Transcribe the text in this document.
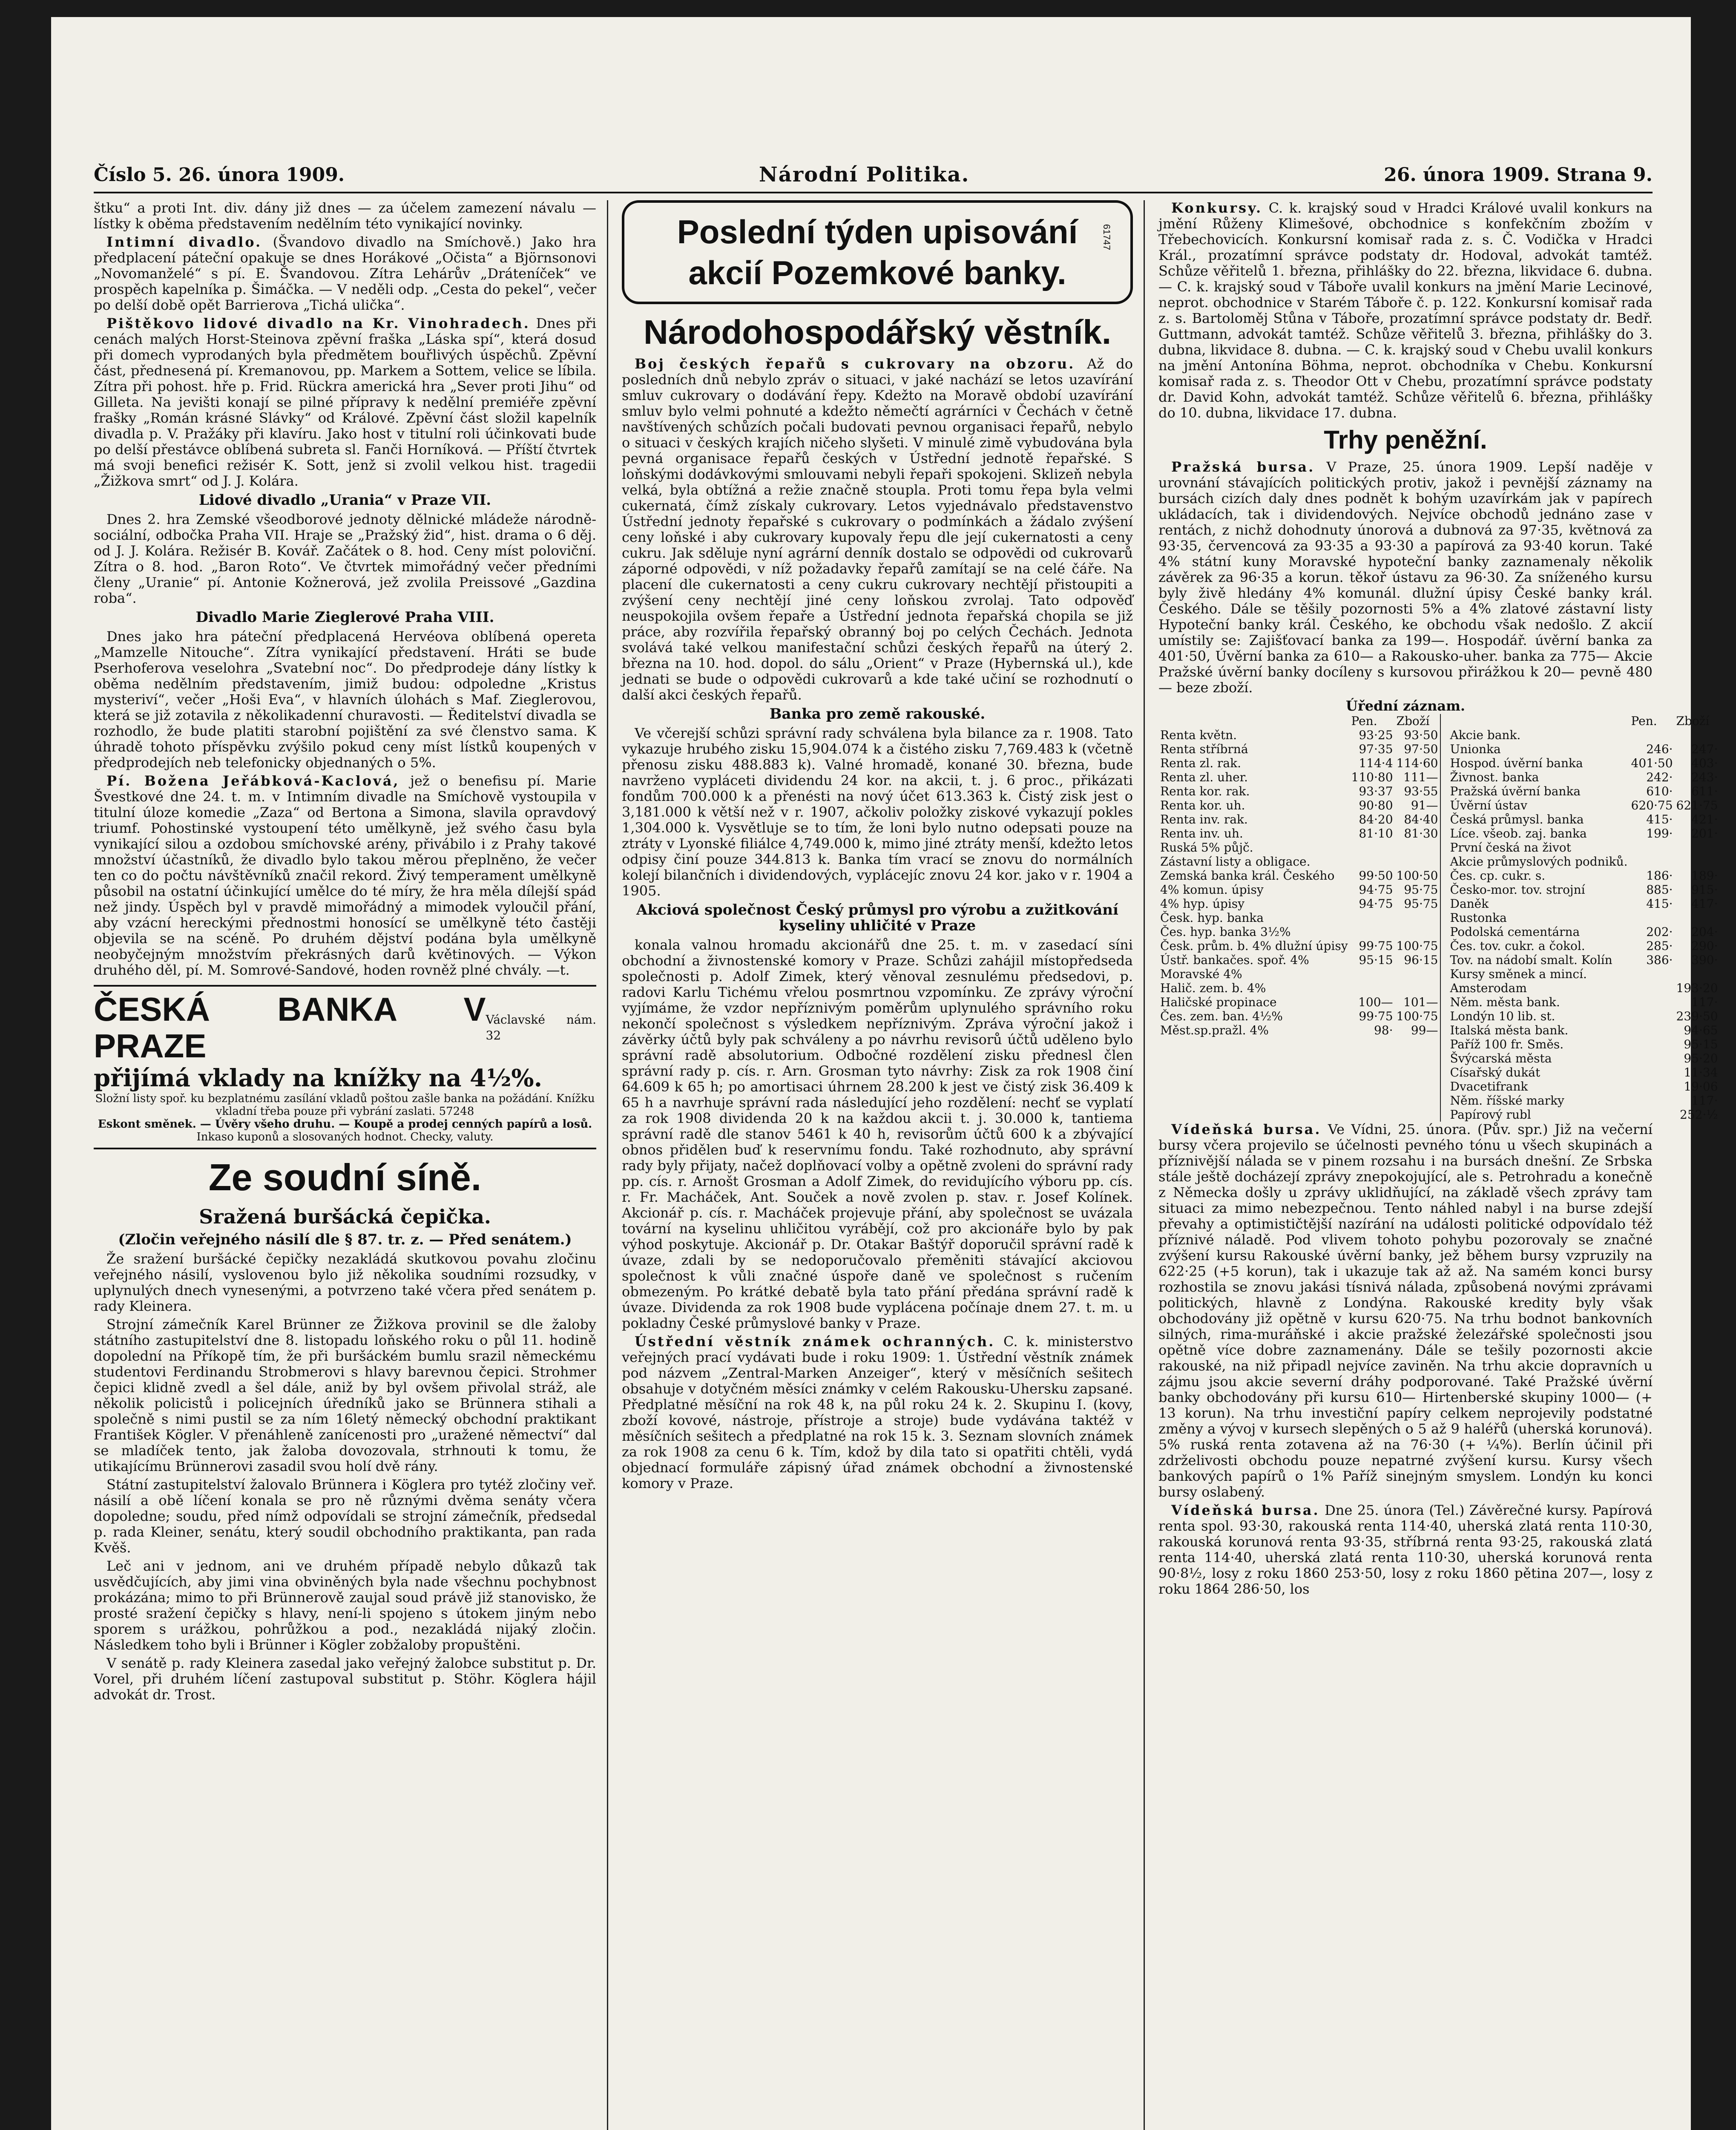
Číslo 5. 26. února 1909.	Národní Politika.	26. února 1909. Strana 9.

štku“ a proti Int. div. dány již dnes — za účelem zamezení návalu — lístky k oběma představením nedělním této vynikající novinky.

Intimní divadlo. (Švandovo divadlo na Smíchově.) Jako hra předplacení páteční opakuje se dnes Horákové „Očista“ a Björnsonovi „Novomanželé“ s pí. E. Švandovou. Zítra Lehárův „Dráteníček“ ve prospěch kapelníka p. Šimáčka. — V neděli odp. „Cesta do pekel“, večer po delší době opět Barrierova „Tichá ulička“.

Pištěkovo lidové divadlo na Kr. Vinohradech. Dnes při cenách malých Horst-Steinova zpěvní fraška „Láska spí“, která dosud při domech vyprodaných byla předmětem bouřlivých úspěchů. Zpěvní část, přednesená pí. Kremanovou, pp. Markem a Sottem, velice se líbila. Zítra při pohost. hře p. Frid. Rückra americká hra „Sever proti Jihu“ od Gilleta. Na jevišti konají se pilné přípravy k nedělní premiéře zpěvní frašky „Román krásné Slávky“ od Králové. Zpěvní část složil kapelník divadla p. V. Pražáky při klavíru. Jako host v titulní roli účinkovati bude po delší přestávce oblíbená subreta sl. Fanči Horníková. — Příští čtvrtek má svoji benefici režisér K. Sott, jenž si zvolil velkou hist. tragedii „Žižkova smrt“ od J. J. Kolára.

Lidové divadlo „Urania“ v Praze VII.

Dnes 2. hra Zemské všeodborové jednoty dělnické mládeže národně-sociální, odbočka Praha VII. Hraje se „Pražský žid“, hist. drama o 6 děj. od J. J. Kolára. Režisér B. Kovář. Začátek o 8. hod. Ceny míst poloviční. Zítra o 8. hod. „Baron Roto“. Ve čtvrtek mimořádný večer předními členy „Uranie“ pí. Antonie Kožnerová, jež zvolila Preissové „Gazdina roba“.

Divadlo Marie Zieglerové Praha VIII.

Dnes jako hra páteční předplacená Hervéova oblíbená opereta „Mamzelle Nitouche“. Zítra vynikající představení. Hráti se bude Pserhoferova veselohra „Svatební noc“. Do předprodeje dány lístky k oběma nedělním představením, jimiž budou: odpoledne „Kristus mysteriví“, večer „Hoši Eva“, v hlavních úlohách s Maf. Zieglerovou, která se již zotavila z několikadenní churavosti. — Ředitelství divadla se rozhodlo, že bude platiti starobní pojištění za své členstvo sama. K úhradě tohoto příspěvku zvýšilo pokud ceny míst lístků koupených v předprodejích neb telefonicky objednaných o 5%.

Pí. Božena Jeřábková-Kaclová, jež o benefisu pí. Marie Švestkové dne 24. t. m. v Intimním divadle na Smíchově vystoupila v titulní úloze komedie „Zaza“ od Bertona a Simona, slavila opravdový triumf. Pohostinské vystoupení této umělkyně, jež svého času byla vynikající silou a ozdobou smíchovské arény, přivábilo i z Prahy takové množství účastníků, že divadlo bylo takou měrou přeplněno, že večer ten co do počtu návštěvníků značil rekord. Živý temperament umělkyně působil na ostatní účinkující umělce do té míry, že hra měla dílejší spád než jindy. Úspěch byl v pravdě mimořádný a mimodek vyloučil přání, aby vzácní hereckými přednostmi honosící se umělkyně této častěji objevila se na scéně. Po druhém dějství podána byla umělkyně neobyčejným množstvím překrásných darů květinových. — Výkon druhého děl, pí. M. Somrové-Sandové, hoden rovněž plné chvály. —t.

ČESKÁ BANKA V PRAZE
Václavské nám. 32
přijímá vklady na knížky na 4½%.
Složní listy spoř. ku bezplatnému zasílání vkladů poštou zašle banka na požádání. Knížku vkladní třeba pouze při vybrání zaslati. 57248
Eskont směnek. — Úvěry všeho druhu. — Koupě a prodej cenných papírů a losů.
Inkaso kuponů a slosovaných hodnot. Checky, valuty.
Ze soudní síně.
Sražená buršácká čepička.
(Zločin veřejného násilí dle § 87. tr. z. — Před senátem.)

Že sražení buršácké čepičky nezakládá skutkovou povahu zločinu veřejného násilí, vyslovenou bylo již několika soudními rozsudky, v uplynulých dnech vynesenými, a potvrzeno také včera před senátem p. rady Kleinera.

Strojní zámečník Karel Brünner ze Žižkova provinil se dle žaloby státního zastupitelství dne 8. listopadu loňského roku o půl 11. hodině dopolední na Příkopě tím, že při buršáckém bumlu srazil německému studentovi Ferdinandu Strobmerovi s hlavy barevnou čepici. Strohmer čepici klidně zvedl a šel dále, aniž by byl ovšem přivolal stráž, ale několik policistů i policejních úředníků jako se Brünnera stihali a společně s nimi pustil se za ním 16letý německý obchodní praktikant František Kögler. V přenáhleně zanícenosti pro „uražené němectví“ dal se mladíček tento, jak žaloba dovozovala, strhnouti k tomu, že utikajícímu Brünnerovi zasadil svou holí dvě rány.

Státní zastupitelství žalovalo Brünnera i Köglera pro tytéž zločiny veř. násilí a obě líčení konala se pro ně různými dvěma senáty včera dopoledne; soudu, před nímž odpovídali se strojní zámečník, předsedal p. rada Kleiner, senátu, který soudil obchodního praktikanta, pan rada Kvěš.

Leč ani v jednom, ani ve druhém případě nebylo důkazů tak usvědčujících, aby jimi vina obviněných byla nade všechnu pochybnost prokázána; mimo to při Brünnerově zaujal soud právě již stanovisko, že prosté sražení čepičky s hlavy, není-li spojeno s útokem jiným nebo sporem s urážkou, pohrůžkou a pod., nezakládá nijaký zločin. Následkem toho byli i Brünner i Kögler zobžaloby propuštěni.

V senátě p. rady Kleinera zasedal jako veřejný žalobce substitut p. Dr. Vorel, při druhém líčení zastupoval substitut p. Stöhr. Köglera hájil advokát dr. Trost.

Poslední týden upisování akcií Pozemkové banky.
61747
Národohospodářský věstník.

Boj českých řepařů s cukrovary na obzoru. Až do posledních dnů nebylo zpráv o situaci, v jaké nachází se letos uzavírání smluv cukrovary o dodávání řepy. Kdežto na Moravě období uzavírání smluv bylo velmi pohnuté a kdežto němečtí agrárníci v Čechách v četně navštívených schůzích počali budovati pevnou organisaci řepařů, nebylo o situaci v českých krajích ničeho slyšeti. V minulé zimě vybudována byla pevná organisace řepařů českých v Ústřední jednotě řepařské. S loňskými dodávkovými smlouvami nebyli řepaři spokojeni. Sklizeň nebyla velká, byla obtížná a režie značně stoupla. Proti tomu řepa byla velmi cukernatá, čímž získaly cukrovary. Letos vyjednávalo představenstvo Ústřední jednoty řepařské s cukrovary o podmínkách a žádalo zvýšení ceny loňské i aby cukrovary kupovaly řepu dle její cukernatosti a ceny cukru. Jak sděluje nyní agrární denník dostalo se odpovědi od cukrovarů záporné odpovědi, v níž požadavky řepařů zamítají se na celé čáře. Na placení dle cukernatosti a ceny cukru cukrovary nechtějí přistoupiti a zvýšení ceny nechtějí jiné ceny loňskou zvrolaj. Tato odpověď neuspokojila ovšem řepaře a Ústřední jednota řepařská chopila se již práce, aby rozvířila řepařský obranný boj po celých Čechách. Jednota svolává také velkou manifestační schůzi českých řepařů na úterý 2. března na 10. hod. dopol. do sálu „Orient“ v Praze (Hybernská ul.), kde jednati se bude o odpovědi cukrovarů a kde také učiní se rozhodnutí o další akci českých řepařů.

Banka pro země rakouské.

Ve včerejší schůzi správní rady schválena byla bilance za r. 1908. Tato vykazuje hrubého zisku 15,904.074 k a čistého zisku 7,769.483 k (včetně přenosu zisku 488.883 k). Valné hromadě, konané 30. března, bude navrženo vypláceti dividendu 24 kor. na akcii, t. j. 6 proc., přikázati fondům 700.000 k a přenésti na nový účet 613.363 k. Čistý zisk jest o 3,181.000 k větší než v r. 1907, ačkoliv položky ziskové vykazují pokles 1,304.000 k. Vysvětluje se to tím, že loni bylo nutno odepsati pouze na ztráty v Lyonské filiálce 4,749.000 k, mimo jiné ztráty menší, kdežto letos odpisy činí pouze 344.813 k. Banka tím vrací se znovu do normálních kolejí bilančních i dividendových, vyplácejíc znovu 24 kor. jako v r. 1904 a 1905.

Akciová společnost Český průmysl pro výrobu a zužitkování kyseliny uhličité v Praze

konala valnou hromadu akcionářů dne 25. t. m. v zasedací síni obchodní a živnostenské komory v Praze. Schůzi zahájil místopředseda společnosti p. Adolf Zimek, který věnoval zesnulému předsedovi, p. radovi Karlu Tichému vřelou posmrtnou vzpomínku. Ze zprávy výroční vyjímáme, že vzdor nepříznivým poměrům uplynulého správního roku nekončí společnost s výsledkem nepříznivým. Zpráva výroční jakož i závěrky účtů byly pak schváleny a po návrhu revisorů účtů uděleno bylo správní radě absolutorium. Odbočné rozdělení zisku přednesl člen správní rady p. cís. r. Arn. Grosman tyto návrhy: Zisk za rok 1908 činí 64.609 k 65 h; po amortisaci úhrnem 28.200 k jest ve čistý zisk 36.409 k 65 h a navrhuje správní rada následující jeho rozdělení: nechť se vyplatí za rok 1908 dividenda 20 k na každou akcii t. j. 30.000 k, tantiema správní radě dle stanov 5461 k 40 h, revisorům účtů 600 k a zbývající obnos přidělen buď k reservnímu fondu. Také rozhodnuto, aby správní rady byly přijaty, načež doplňovací volby a opětně zvoleni do správní rady pp. cís. r. Arnošt Grosman a Adolf Zimek, do revidujícího výboru pp. cís. r. Fr. Macháček, Ant. Souček a nově zvolen p. stav. r. Josef Kolínek. Akcionář p. cís. r. Macháček projevuje přání, aby společnost se uvázala tovární na kyselinu uhličitou vyrábějí, což pro akcionáře bylo by pak výhod poskytuje. Akcionář p. Dr. Otakar Baštýř doporučil správní radě k úvaze, zdali by se nedoporučovalo přeměniti stávající akciovou společnost k vůli značné úspoře daně ve společnost s ručením obmezeným. Po krátké debatě byla tato přání předána správní radě k úvaze. Dividenda za rok 1908 bude vyplácena počínaje dnem 27. t. m. u pokladny České průmyslové banky v Praze.

Ústřední věstník známek ochranných. C. k. ministerstvo veřejných prací vydávati bude i roku 1909: 1. Ústřední věstník známek pod názvem „Zentral-Marken Anzeiger“, který v měsíčních sešitech obsahuje v dotyčném měsíci známky v celém Rakousku-Uhersku zapsané. Předplatné měsíční na rok 48 k, na půl roku 24 k. 2. Skupinu I. (kovy, zboží kovové, nástroje, přístroje a stroje) bude vydávána taktéž v měsíčních sešitech a předplatné na rok 15 k. 3. Seznam slovních známek za rok 1908 za cenu 6 k. Tím, kdož by dila tato si opatřiti chtěli, vydá objednací formuláře zápisný úřad známek obchodní a živnostenské komory v Praze.

Konkursy. C. k. krajský soud v Hradci Králové uvalil konkurs na jmění Růženy Klimešové, obchodnice s konfekčním zbožím v Třebechovicích. Konkursní komisař rada z. s. Č. Vodička v Hradci Král., prozatímní správce podstaty dr. Hodoval, advokát tamtéž. Schůze věřitelů 1. března, přihlášky do 22. března, likvidace 6. dubna. — C. k. krajský soud v Táboře uvalil konkurs na jmění Marie Lecinové, neprot. obchodnice v Starém Táboře č. p. 122. Konkursní komisař rada z. s. Bartoloměj Stůna v Táboře, prozatímní správce podstaty dr. Bedř. Guttmann, advokát tamtéž. Schůze věřitelů 3. března, přihlášky do 3. dubna, likvidace 8. dubna. — C. k. krajský soud v Chebu uvalil konkurs na jmění Antonína Böhma, neprot. obchodníka v Chebu. Konkursní komisař rada z. s. Theodor Ott v Chebu, prozatímní správce podstaty dr. David Kohn, advokát tamtéž. Schůze věřitelů 6. března, přihlášky do 10. dubna, likvidace 17. dubna.

Trhy peněžní.

Pražská bursa. V Praze, 25. února 1909. Lepší naděje v urovnání stávajících politických protiv, jakož i pevnější záznamy na bursách cizích daly dnes podnět k bohým uzavírkám jak v papírech ukládacích, tak i dividendových. Nejvíce obchodů jednáno zase v rentách, z nichž dohodnuty únorová a dubnová za 97·35, květnová za 93·35, červencová za 93·35 a 93·30 a papírová za 93·40 korun. Také 4% státní kuny Moravské hypoteční banky zaznamenaly několik závěrek za 96·35 a korun. těkoř ústavu za 96·30. Za sníženého kursu byly živě hledány 4% komunál. dlužní úpisy České banky král. Českého. Dále se těšily pozornosti 5% a 4% zlatové zástavní listy Hypoteční banky král. Českého, ke obchodu však nedošlo. Z akcií umístily se: Zajišťovací banka za 199—. Hospodář. úvěrní banka za 401·50, Úvěrní banka za 610— a Rakousko-uher. banka za 775— Akcie Pražské úvěrní banky docíleny s kursovou přirážkou k 20— pevně 480— beze zboží.

Úřední záznam.
	Pen.	Zboží
Renta květn.	93·25	93·50
Renta stříbrná	97·35	97·50
Renta zl. rak.	114·4	114·60
Renta zl. uher.	110·80	111—
Renta kor. rak.	93·37	93·55
Renta kor. uh.	90·80	91—
Renta inv. rak.	84·20	84·40
Renta inv. uh.	81·10	81·30
Ruská 5% půjč.		
Zástavní listy a obligace.		
Zemská banka král. Českého	99·50	100·50
4% komun. úpisy	94·75	95·75
4% hyp. úpisy	94·75	95·75
Česk. hyp. banka		
Čes. hyp. banka 3½%		
Česk. prům. b. 4% dlužní úpisy	99·75	100·75
Ústř. bankačes. spoř. 4%	95·15	96·15
Moravské 4%		
Halič. zem. b. 4%		
Haličské propinace	100—	101—
Čes. zem. ban. 4½%	99·75	100·75
Měst.sp.pražl. 4%	98·	99—
	Pen.	Zboží
Akcie bank.		
Unionka	246·	247·
Hospod. úvěrní banka	401·50	403·
Živnost. banka	242·	243·
Pražská úvěrní banka	610·	611·
Úvěrní ústav	620·75	621·75
Česká průmysl. banka	415·	421·
Líce. všeob. zaj. banka	199·	201·
První česká na život		
Akcie průmyslových podniků.		
Čes. cp. cukr. s.	186·	189·
Česko-mor. tov. strojní	885·	915·
Daněk	415·	417·
Rustonka		
Podolská cementárna	202·	204·
Čes. tov. cukr. a čokol.	285·	290·
Tov. na nádobí smalt. Kolín	386·	390·
Kursy směnek a mincí.		
Amsterodam		193·20
Něm. města bank.		117·
Londýn 10 lib. st.		239·50
Italská města bank.		94·65
Paříž 100 fr. Směs.		95·15
Švýcarská města		95·20
Císařský dukát		11·34
Dvacetifrank		19·06
Něm. říšské marky		117·
Papírový rubl		252·½

Vídeňská bursa. Ve Vídni, 25. února. (Pův. spr.) Již na večerní bursy včera projevilo se účelnosti pevného tónu u všech skupinách a příznivější nálada se v pinem rozsahu i na bursách dnešní. Ze Srbska stále ještě docházejí zprávy znepokojující, ale s. Petrohradu a konečně z Německa došly u zprávy uklidňující, na základě všech zprávy tam situaci za mimo nebezpečnou. Tento náhled nabyl i na burse zdejší převahy a optimističtější nazírání na události politické odpovídalo též příznivé náladě. Pod vlivem tohoto pohybu pozorovaly se značné zvýšení kursu Rakouské úvěrní banky, jež během bursy vzpruzily na 622·25 (+5 korun), tak i ukazuje tak až až. Na samém konci bursy rozhostila se znovu jakási tísnivá nálada, způsobená novými zprávami politických, hlavně z Londýna. Rakouské kredity byly však obchodovány již opětně v kursu 620·75. Na trhu bodnot bankovních silných, rima-muráňské i akcie pražské železářské společnosti jsou opětně více dobre zaznamenány. Dále se tešily pozornosti akcie rakouské, na niž připadl nejvíce zaviněn. Na trhu akcie dopravních u zájmu jsou akcie severní dráhy podporované. Také Pražské úvěrní banky obchodovány při kursu 610— Hirtenberské skupiny 1000— (+ 13 korun). Na trhu investiční papíry celkem neprojevily podstatné změny a vývoj v kursech slepěných o 5 až 9 haléřů (uherská korunová). 5% ruská renta zotavena až na 76·30 (+ ¼%). Berlín účinil při zdrželivosti obchodu pouze nepatrné zvýšení kursu. Kursy všech bankových papírů o 1% Paříž sinejným smyslem. Londýn ku konci bursy oslabený.

Vídeňská bursa. Dne 25. února (Tel.) Závěrečné kursy. Papírová renta spol. 93·30, rakouská renta 114·40, uherská zlatá renta 110·30, rakouská korunová renta 93·35, stříbrná renta 93·25, rakouská zlatá renta 114·40, uherská zlatá renta 110·30, uherská korunová renta 90·8½, losy z roku 1860 253·50, losy z roku 1860 pětina 207—, losy z roku 1864 286·50, los
